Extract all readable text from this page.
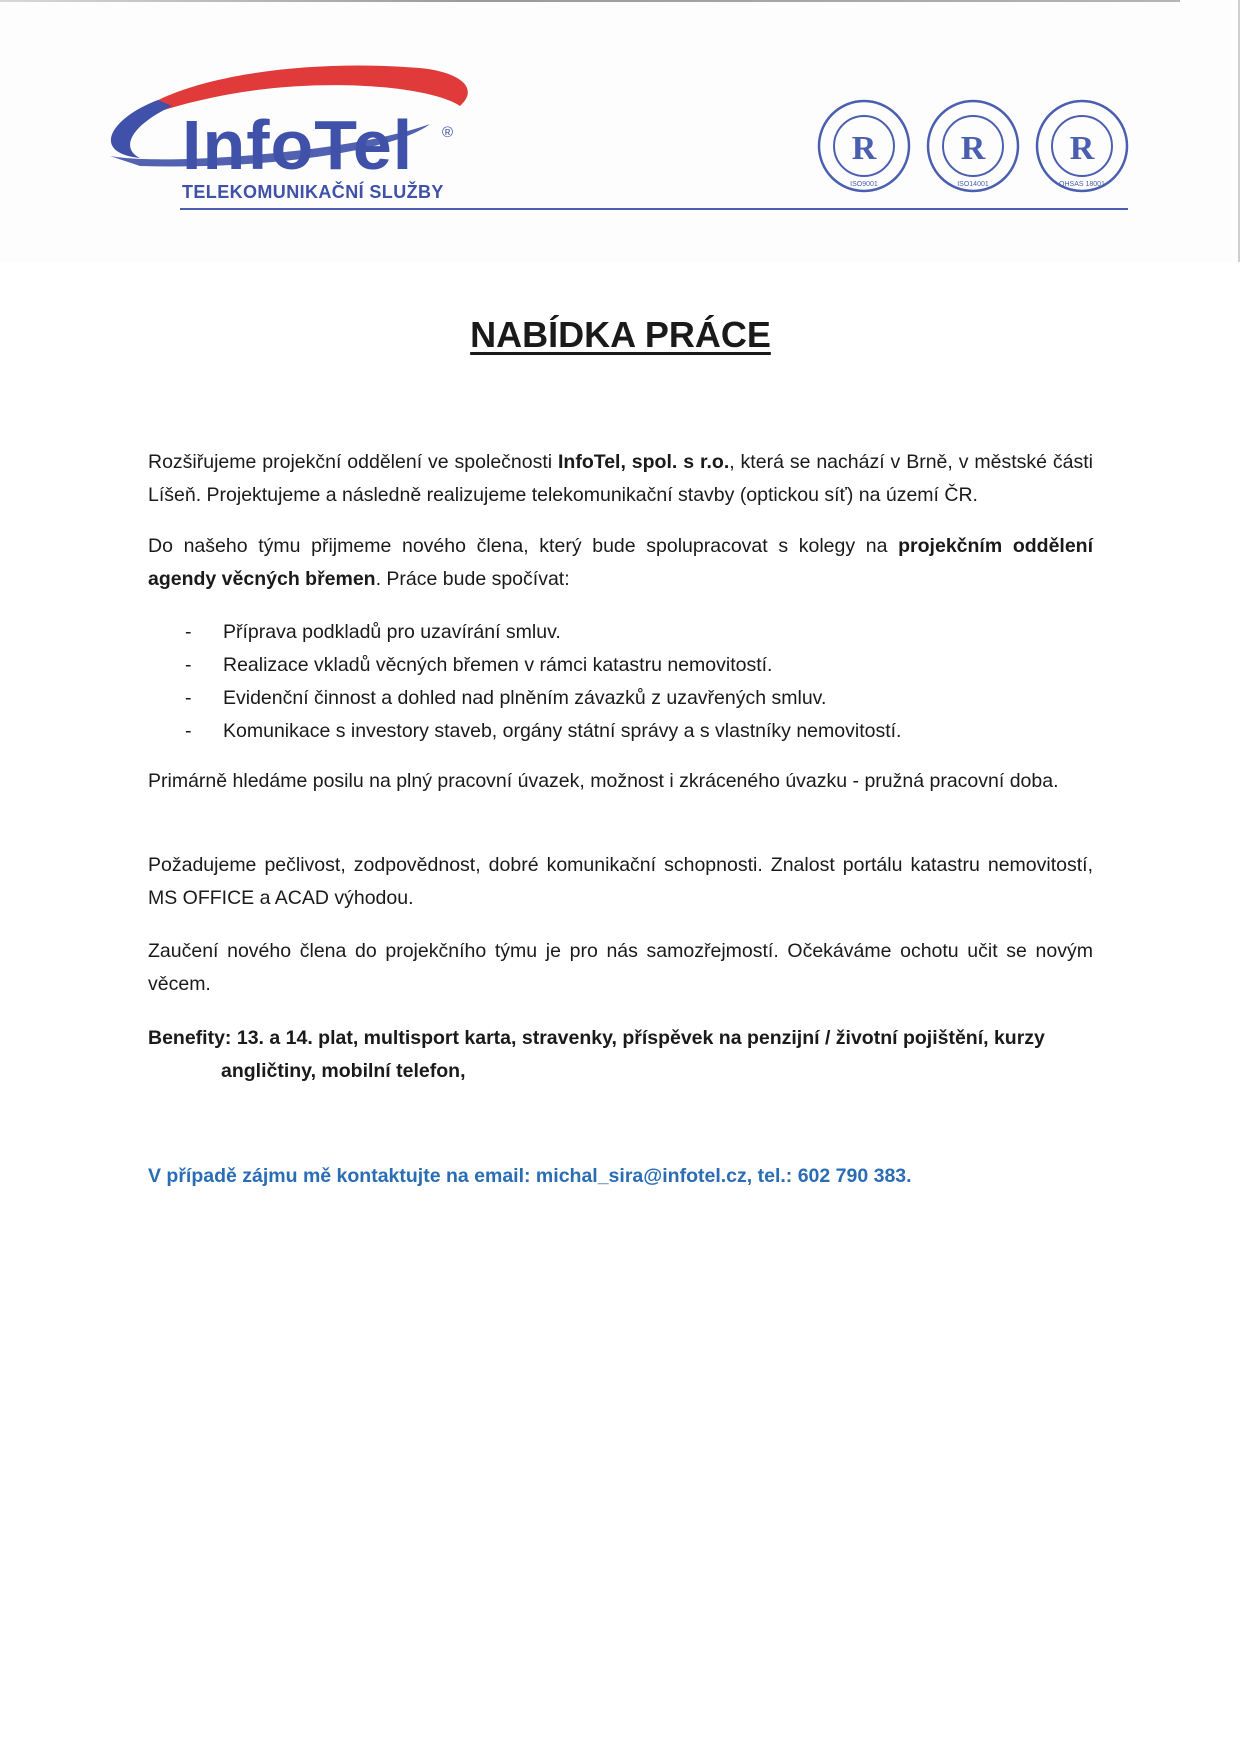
InfoTel ®
TELEKOMUNIKAČNÍ SLUŽBY
R
ISO9001
R
ISO14001
R
OHSAS 18001
NABÍDKA PRÁCE

Rozšiřujeme projekční oddělení ve společnosti InfoTel, spol. s r.o., která se nachází v Brně, v městské části Líšeň. Projektujeme a následně realizujeme telekomunikační stavby (optickou síť) na území ČR.

Do našeho týmu přijmeme nového člena, který bude spolupracovat s kolegy na projekčním oddělení agendy věcných břemen. Práce bude spočívat:

- Příprava podkladů pro uzavírání smluv.
- Realizace vkladů věcných břemen v rámci katastru nemovitostí.
- Evidenční činnost a dohled nad plněním závazků z uzavřených smluv.
- Komunikace s investory staveb, orgány státní správy a s vlastníky nemovitostí.

Primárně hledáme posilu na plný pracovní úvazek, možnost i zkráceného úvazku - pružná pracovní doba.

Požadujeme pečlivost, zodpovědnost, dobré komunikační schopnosti. Znalost portálu katastru nemovitostí, MS OFFICE a ACAD výhodou.

Zaučení nového člena do projekčního týmu je pro nás samozřejmostí. Očekáváme ochotu učit se novým věcem.

Benefity: 13. a 14. plat, multisport karta, stravenky, příspěvek na penzijní / životní pojištění, kurzy
angličtiny, mobilní telefon,

V případě zájmu mě kontaktujte na email: michal_sira@infotel.cz, tel.: 602 790 383.
